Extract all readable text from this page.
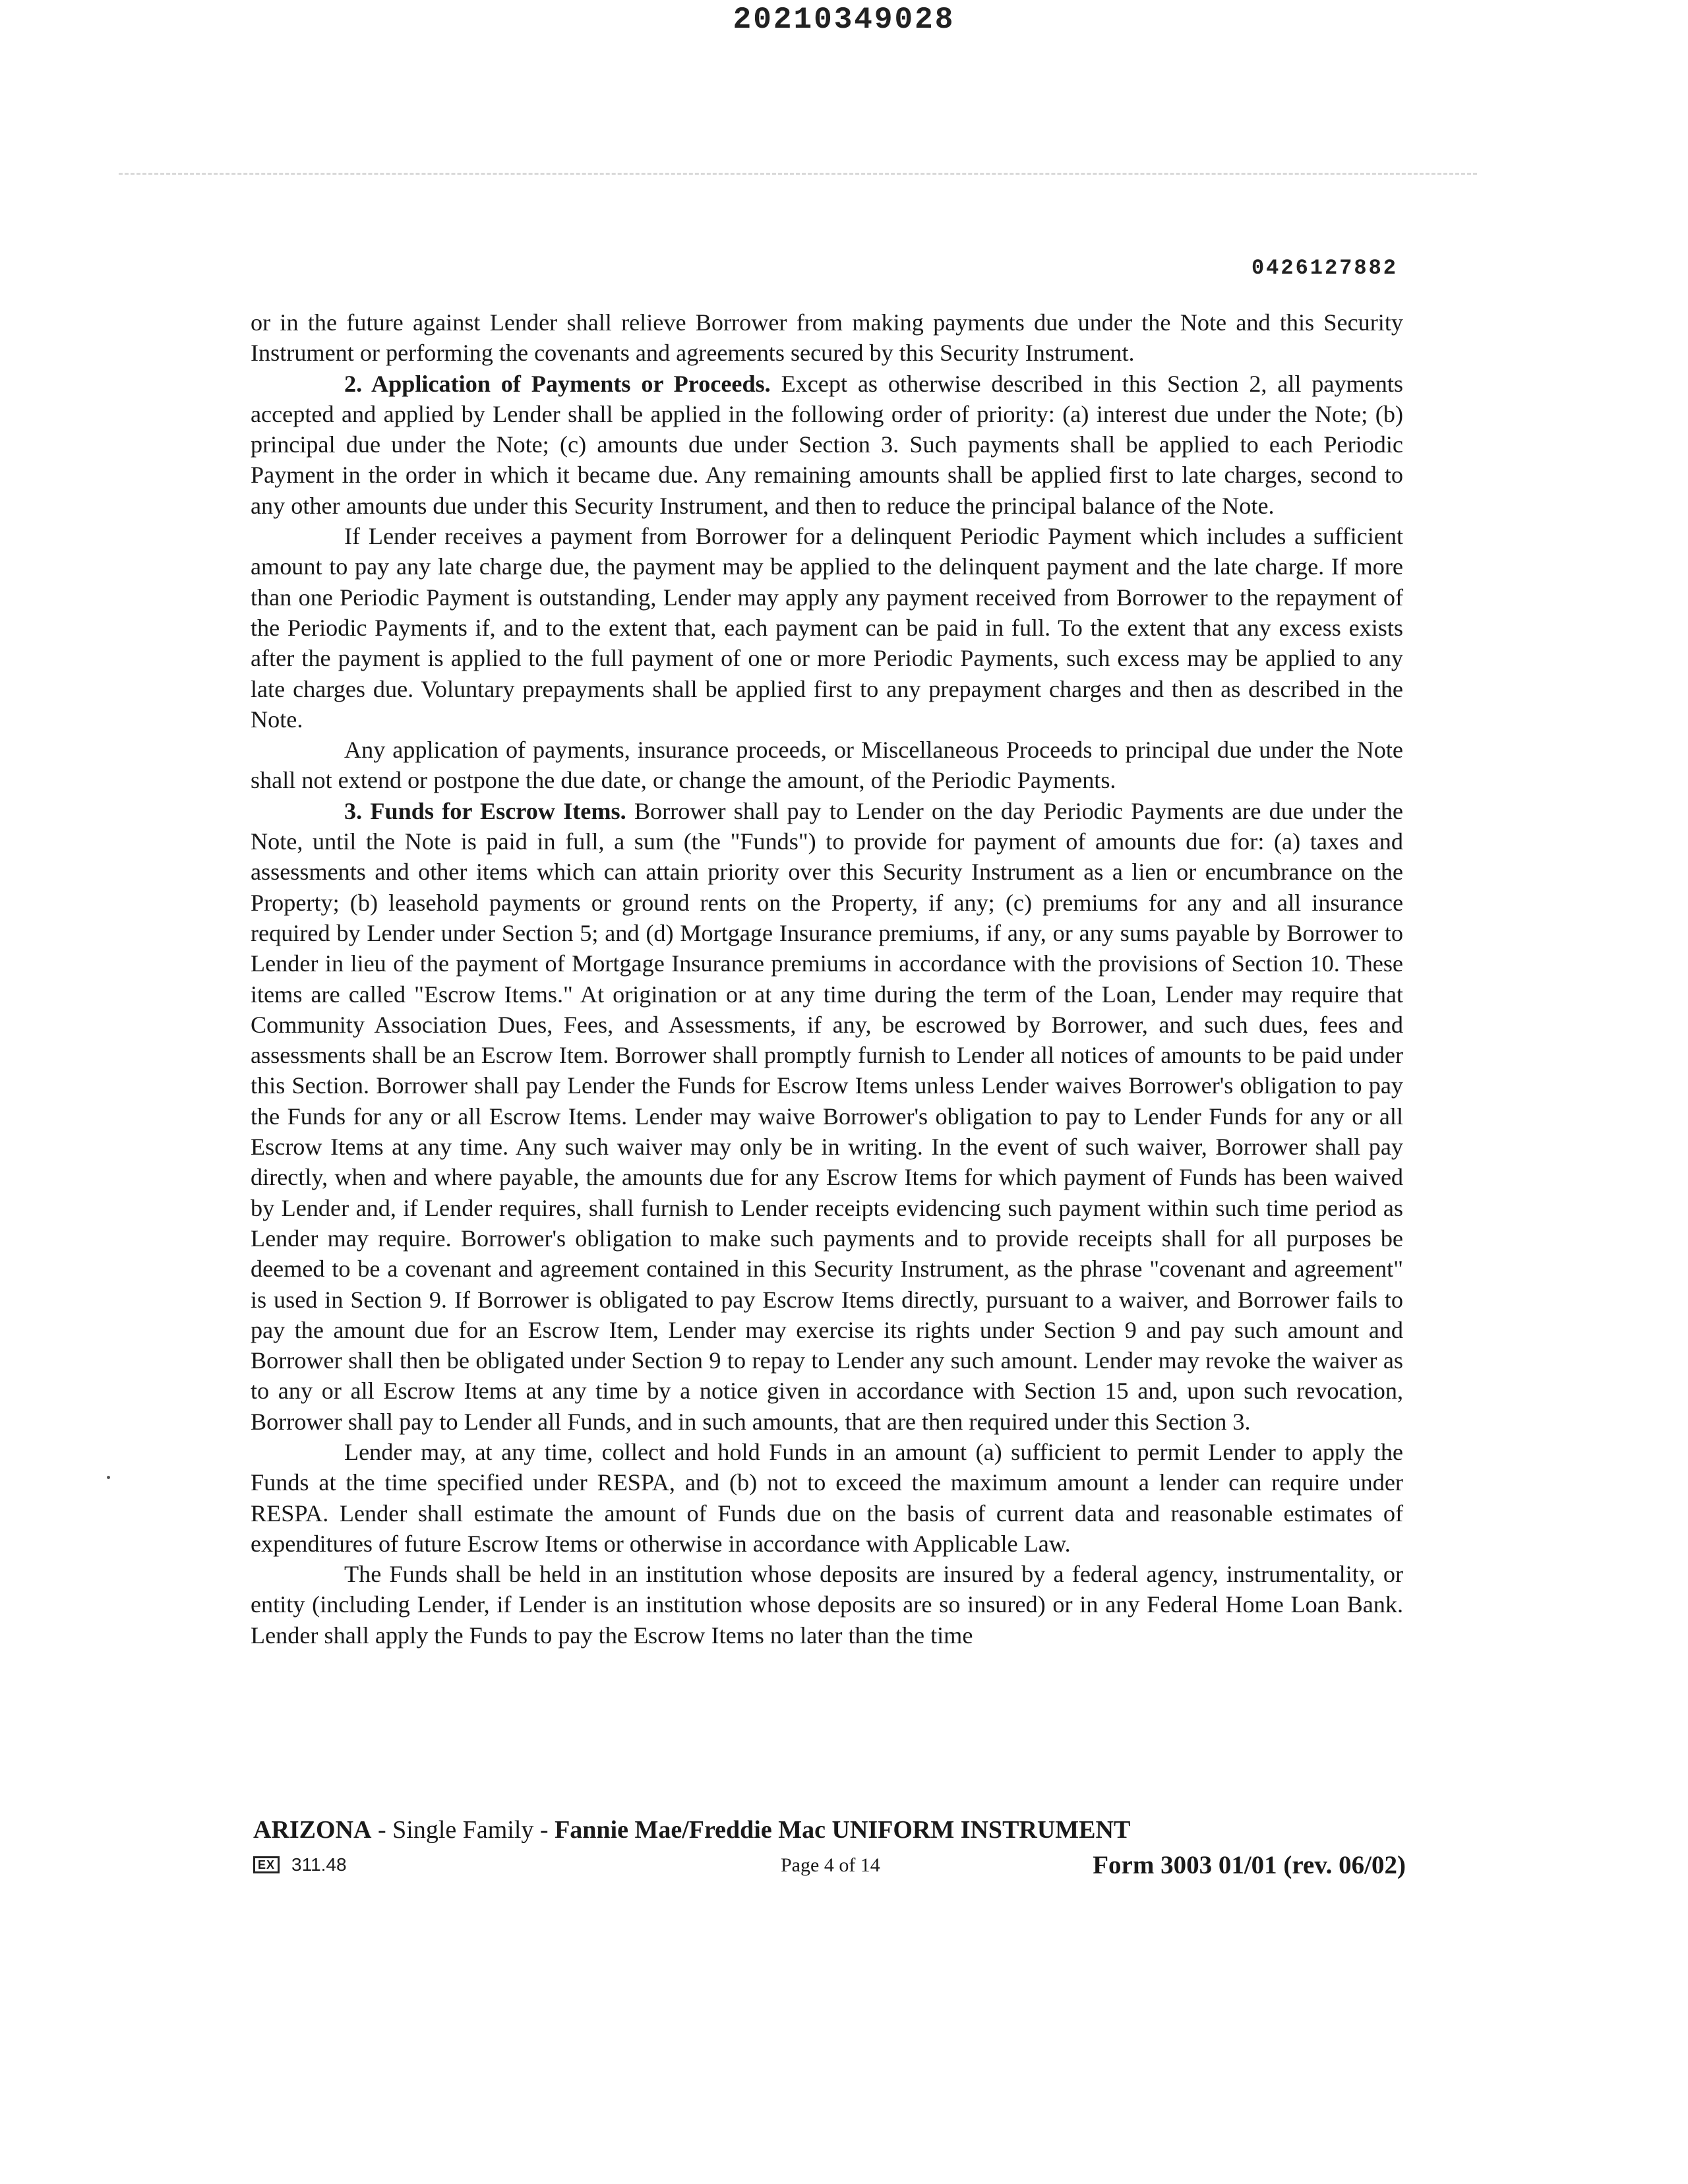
20210349028
0426127882

or in the future against Lender shall relieve Borrower from making payments due under the Note and this Security Instrument or performing the covenants and agreements secured by this Security Instrument.

2. Application of Payments or Proceeds. Except as otherwise described in this Section 2, all payments accepted and applied by Lender shall be applied in the following order of priority: (a) interest due under the Note; (b) principal due under the Note; (c) amounts due under Section 3. Such payments shall be applied to each Periodic Payment in the order in which it became due. Any remaining amounts shall be applied first to late charges, second to any other amounts due under this Security Instrument, and then to reduce the principal balance of the Note.

If Lender receives a payment from Borrower for a delinquent Periodic Payment which includes a sufficient amount to pay any late charge due, the payment may be applied to the delinquent payment and the late charge. If more than one Periodic Payment is outstanding, Lender may apply any payment received from Borrower to the repayment of the Periodic Payments if, and to the extent that, each payment can be paid in full. To the extent that any excess exists after the payment is applied to the full payment of one or more Periodic Payments, such excess may be applied to any late charges due. Voluntary prepayments shall be applied first to any prepayment charges and then as described in the Note.

Any application of payments, insurance proceeds, or Miscellaneous Proceeds to principal due under the Note shall not extend or postpone the due date, or change the amount, of the Periodic Payments.

3. Funds for Escrow Items. Borrower shall pay to Lender on the day Periodic Payments are due under the Note, until the Note is paid in full, a sum (the "Funds") to provide for payment of amounts due for: (a) taxes and assessments and other items which can attain priority over this Security Instrument as a lien or encumbrance on the Property; (b) leasehold payments or ground rents on the Property, if any; (c) premiums for any and all insurance required by Lender under Section 5; and (d) Mortgage Insurance premiums, if any, or any sums payable by Borrower to Lender in lieu of the payment of Mortgage Insurance premiums in accordance with the provisions of Section 10. These items are called "Escrow Items." At origination or at any time during the term of the Loan, Lender may require that Community Association Dues, Fees, and Assessments, if any, be escrowed by Borrower, and such dues, fees and assessments shall be an Escrow Item. Borrower shall promptly furnish to Lender all notices of amounts to be paid under this Section. Borrower shall pay Lender the Funds for Escrow Items unless Lender waives Borrower's obligation to pay the Funds for any or all Escrow Items. Lender may waive Borrower's obligation to pay to Lender Funds for any or all Escrow Items at any time. Any such waiver may only be in writing. In the event of such waiver, Borrower shall pay directly, when and where payable, the amounts due for any Escrow Items for which payment of Funds has been waived by Lender and, if Lender requires, shall furnish to Lender receipts evidencing such payment within such time period as Lender may require. Borrower's obligation to make such payments and to provide receipts shall for all purposes be deemed to be a covenant and agreement contained in this Security Instrument, as the phrase "covenant and agreement" is used in Section 9. If Borrower is obligated to pay Escrow Items directly, pursuant to a waiver, and Borrower fails to pay the amount due for an Escrow Item, Lender may exercise its rights under Section 9 and pay such amount and Borrower shall then be obligated under Section 9 to repay to Lender any such amount. Lender may revoke the waiver as to any or all Escrow Items at any time by a notice given in accordance with Section 15 and, upon such revocation, Borrower shall pay to Lender all Funds, and in such amounts, that are then required under this Section 3.

Lender may, at any time, collect and hold Funds in an amount (a) sufficient to permit Lender to apply the Funds at the time specified under RESPA, and (b) not to exceed the maximum amount a lender can require under RESPA. Lender shall estimate the amount of Funds due on the basis of current data and reasonable estimates of expenditures of future Escrow Items or otherwise in accordance with Applicable Law.

The Funds shall be held in an institution whose deposits are insured by a federal agency, instrumentality, or entity (including Lender, if Lender is an institution whose deposits are so insured) or in any Federal Home Loan Bank. Lender shall apply the Funds to pay the Escrow Items no later than the time

ARIZONA - Single Family - Fannie Mae/Freddie Mac UNIFORM INSTRUMENT
EX 311.48	Page 4 of 14	Form 3003 01/01 (rev. 06/02)
